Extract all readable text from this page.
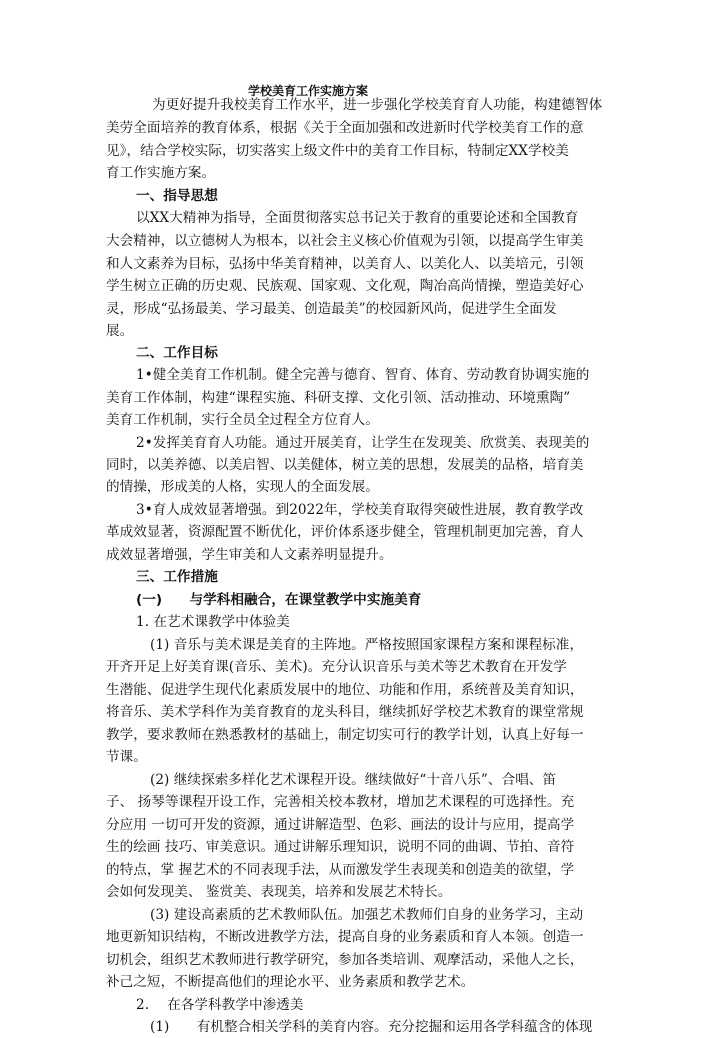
学校美育工作实施方案
为更好提升我校美育工作水平，进一步强化学校美育育人功能，构建德智体
美劳全面培养的教育体系，根据《关于全面加强和改进新时代学校美育工作的意
见》，结合学校实际，切实落实上级文件中的美育工作目标，特制定XX学校美
育工作实施方案。
一、指导思想
以XX大精神为指导，全面贯彻落实总书记关于教育的重要论述和全国教育
大会精神，以立德树人为根本，以社会主义核心价值观为引领，以提高学生审美
和人文素养为目标，弘扬中华美育精神，以美育人、以美化人、以美培元，引领
学生树立正确的历史观、民族观、国家观、文化观，陶冶高尚情操，塑造美好心
灵，形成“弘扬最美、学习最美、创造最美”的校园新风尚，促进学生全面发
展。
二、工作目标
1•健全美育工作机制。健全完善与德育、智育、体育、劳动教育协调实施的
美育工作体制，构建“课程实施、科研支撑、文化引领、活动推动、环境熏陶”
美育工作机制，实行全员全过程全方位育人。
2•发挥美育育人功能。通过开展美育，让学生在发现美、欣赏美、表现美的
同时，以美养德、以美启智、以美健体，树立美的思想，发展美的品格，培育美
的情操，形成美的人格，实现人的全面发展。
3•育人成效显著增强。到2022年，学校美育取得突破性进展，教育教学改
革成效显著，资源配置不断优化，评价体系逐步健全，管理机制更加完善，育人
成效显著增强，学生审美和人文素养明显提升。
三、工作措施
(一)　　与学科相融合，在课堂教学中实施美育
1. 在艺术课教学中体验美
(1) 音乐与美术课是美育的主阵地。严格按照国家课程方案和课程标准，
开齐开足上好美育课(音乐、美术)。充分认识音乐与美术等艺术教育在开发学
生潜能、促进学生现代化素质发展中的地位、功能和作用，系统普及美育知识，
将音乐、美术学科作为美育教育的龙头科目，继续抓好学校艺术教育的课堂常规
教学，要求教师在熟悉教材的基础上，制定切实可行的教学计划，认真上好每一
节课。
(2) 继续探索多样化艺术课程开设。继续做好“十音八乐”、合唱、笛
子、 扬琴等课程开设工作，完善相关校本教材，增加艺术课程的可选择性。充
分应用 一切可开发的资源，通过讲解造型、色彩、画法的设计与应用，提高学
生的绘画 技巧、审美意识。通过讲解乐理知识，说明不同的曲调、节拍、音符
的特点，掌 握艺术的不同表现手法，从而激发学生表现美和创造美的欲望，学
会如何发现美、 鉴赏美、表现美，培养和发展艺术特长。
(3) 建设高素质的艺术教师队伍。加强艺术教师们自身的业务学习，主动
地更新知识结构，不断改进教学方法，提高自身的业务素质和育人本领。创造一
切机会，组织艺术教师进行教学研究，参加各类培训、观摩活动，采他人之长，
补己之短，不断提高他们的理论水平、业务素质和教学艺术。
2.　 在各学科教学中渗透美
(1)　　有机整合相关学科的美育内容。充分挖掘和运用各学科蕴含的体现
